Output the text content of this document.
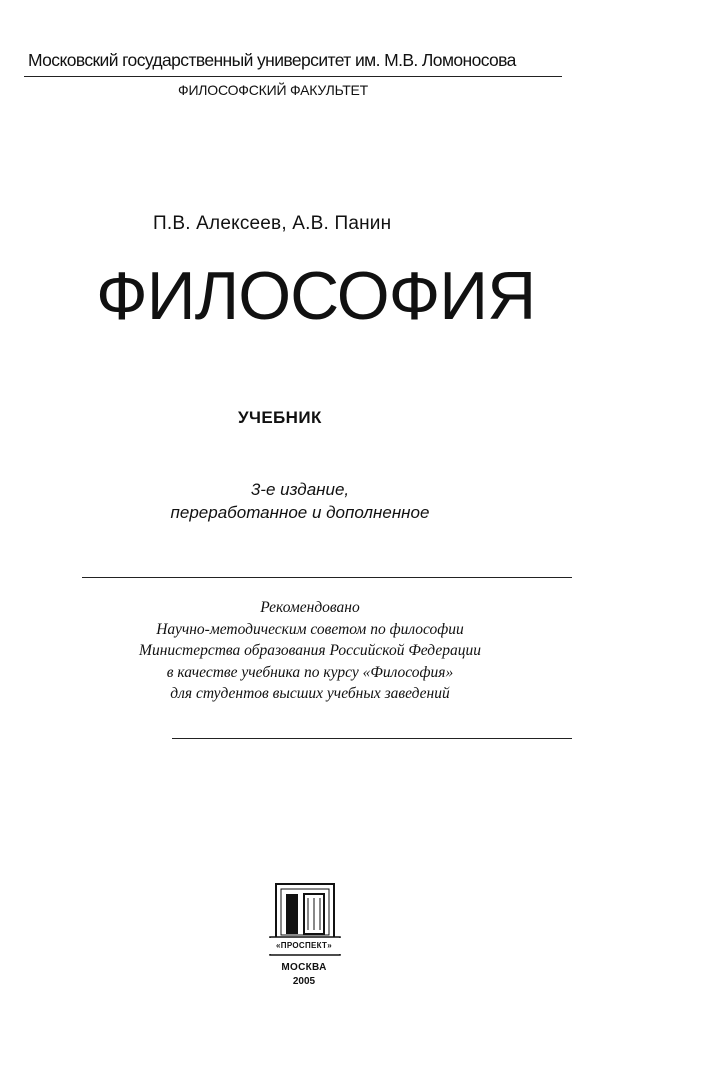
Московский государственный университет им. М.В. Ломоносова
ФИЛОСОФСКИЙ ФАКУЛЬТЕТ
П.В. Алексеев, А.В. Панин
ФИЛОСОФИЯ
УЧЕБНИК
3-е издание,
переработанное и дополненное
Рекомендовано
Научно-методическим советом по философии
Министерства образования Российской Федерации
в качестве учебника по курсу «Философия»
для студентов высших учебных заведений
«ПРОСПЕКТ»
МОСКВА
2005
